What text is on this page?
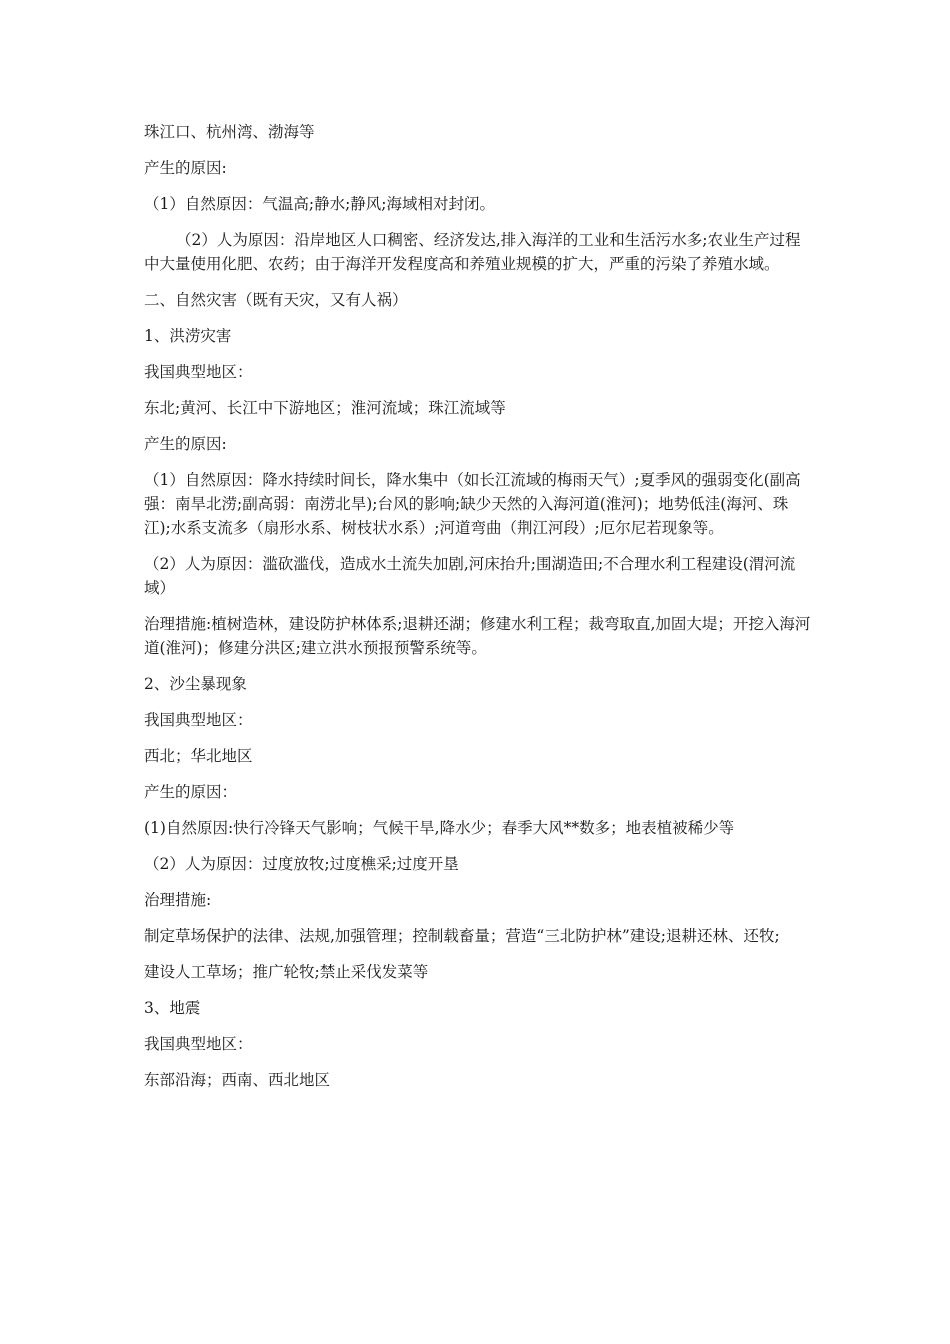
珠江口、杭州湾、渤海等

产生的原因:

（1）自然原因：气温高;静水;静风;海域相对封闭。

（2）人为原因：沿岸地区人口稠密、经济发达,排入海洋的工业和生活污水多;农业生产过程中大量使用化肥、农药；由于海洋开发程度高和养殖业规模的扩大，严重的污染了养殖水域。

二、自然灾害（既有天灾，又有人祸）

1、洪涝灾害

我国典型地区：

东北;黄河、长江中下游地区；淮河流域；珠江流域等

产生的原因:

（1）自然原因：降水持续时间长，降水集中（如长江流域的梅雨天气）;夏季风的强弱变化(副高强：南旱北涝;副高弱：南涝北旱);台风的影响;缺少天然的入海河道(淮河)；地势低洼(海河、珠江);水系支流多（扇形水系、树枝状水系）;河道弯曲（荆江河段）;厄尔尼若现象等。

（2）人为原因：滥砍滥伐，造成水土流失加剧,河床抬升;围湖造田;不合理水利工程建设(渭河流域）

治理措施:植树造林，建设防护林体系;退耕还湖；修建水利工程；裁弯取直,加固大堤；开挖入海河道(淮河)；修建分洪区;建立洪水预报预警系统等。

2、沙尘暴现象

我国典型地区：

西北；华北地区

产生的原因：

(1)自然原因:快行冷锋天气影响；气候干旱,降水少；春季大风**数多；地表植被稀少等

（2）人为原因：过度放牧;过度樵采;过度开垦

治理措施:

制定草场保护的法律、法规,加强管理；控制载畜量；营造“三北防护林”建设;退耕还林、还牧;

建设人工草场；推广轮牧;禁止采伐发菜等

3、地震

我国典型地区：

东部沿海；西南、西北地区
